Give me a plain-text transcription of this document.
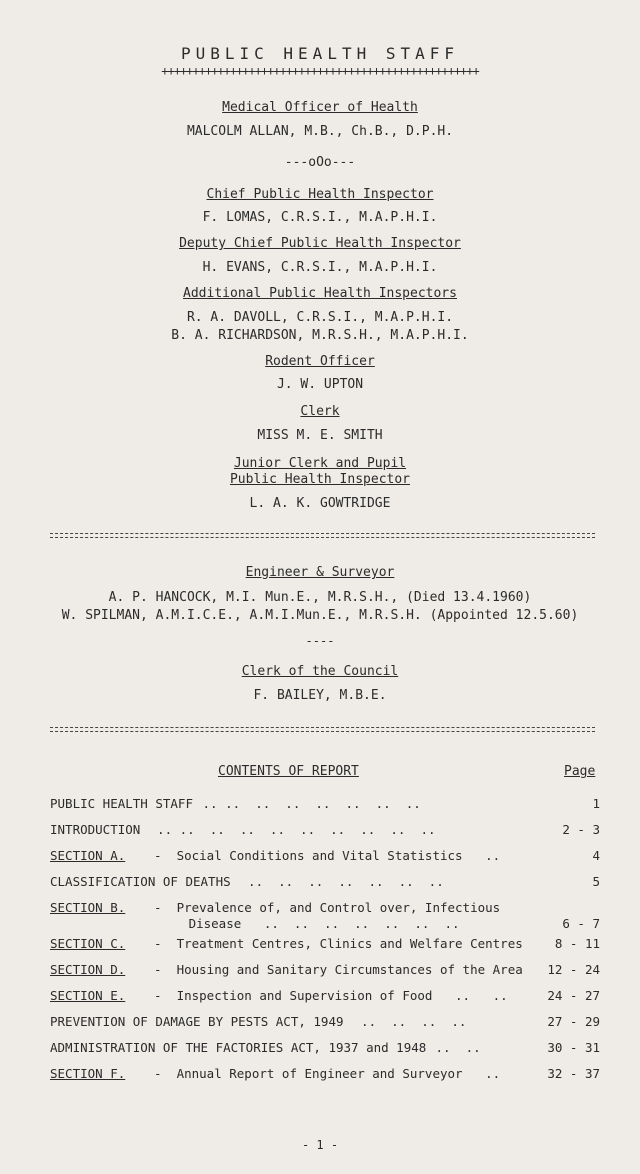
PUBLIC HEALTH STAFF
+++++++++++++++++++++++++++++++++++++++++++++++++++
Medical Officer of Health
MALCOLM ALLAN, M.B., Ch.B., D.P.H.
---oOo---
Chief Public Health Inspector
F. LOMAS, C.R.S.I., M.A.P.H.I.
Deputy Chief Public Health Inspector
H. EVANS, C.R.S.I., M.A.P.H.I.
Additional Public Health Inspectors
R. A. DAVOLL, C.R.S.I., M.A.P.H.I.
B. A. RICHARDSON, M.R.S.H., M.A.P.H.I.
Rodent Officer
J. W. UPTON
Clerk
MISS M. E. SMITH
Junior Clerk and Pupil
Public Health Inspector
L. A. K. GOWTRIDGE
Engineer & Surveyor
A. P. HANCOCK, M.I. Mun.E., M.R.S.H., (Died 13.4.1960)
W. SPILMAN, A.M.I.C.E., A.M.I.Mun.E., M.R.S.H. (Appointed 12.5.60)
----
Clerk of the Council
F. BAILEY, M.B.E.
CONTENTS OF REPORT	Page
PUBLIC HEALTH STAFF .. ..  ..  ..  ..  ..  ..  ..	1
INTRODUCTION .. ..  ..  ..  ..  ..  ..  ..  ..  ..	2 - 3
SECTION A. -  Social Conditions and Vital Statistics   ..	4
CLASSIFICATION OF DEATHS ..  ..  ..  ..  ..  ..  ..	5
SECTION B. -  Prevalence of, and Control over, Infectious
Disease   ..  ..  ..  ..  ..  ..  ..	6 - 7
SECTION C. -  Treatment Centres, Clinics and Welfare Centres	8 - 11
SECTION D. -  Housing and Sanitary Circumstances of the Area	12 - 24
SECTION E. -  Inspection and Supervision of Food   ..   ..	24 - 27
PREVENTION OF DAMAGE BY PESTS ACT, 1949 ..  ..  ..  ..	27 - 29
ADMINISTRATION OF THE FACTORIES ACT, 1937 and 1948 ..  ..	30 - 31
SECTION F. -  Annual Report of Engineer and Surveyor   ..	32 - 37
- 1 -
